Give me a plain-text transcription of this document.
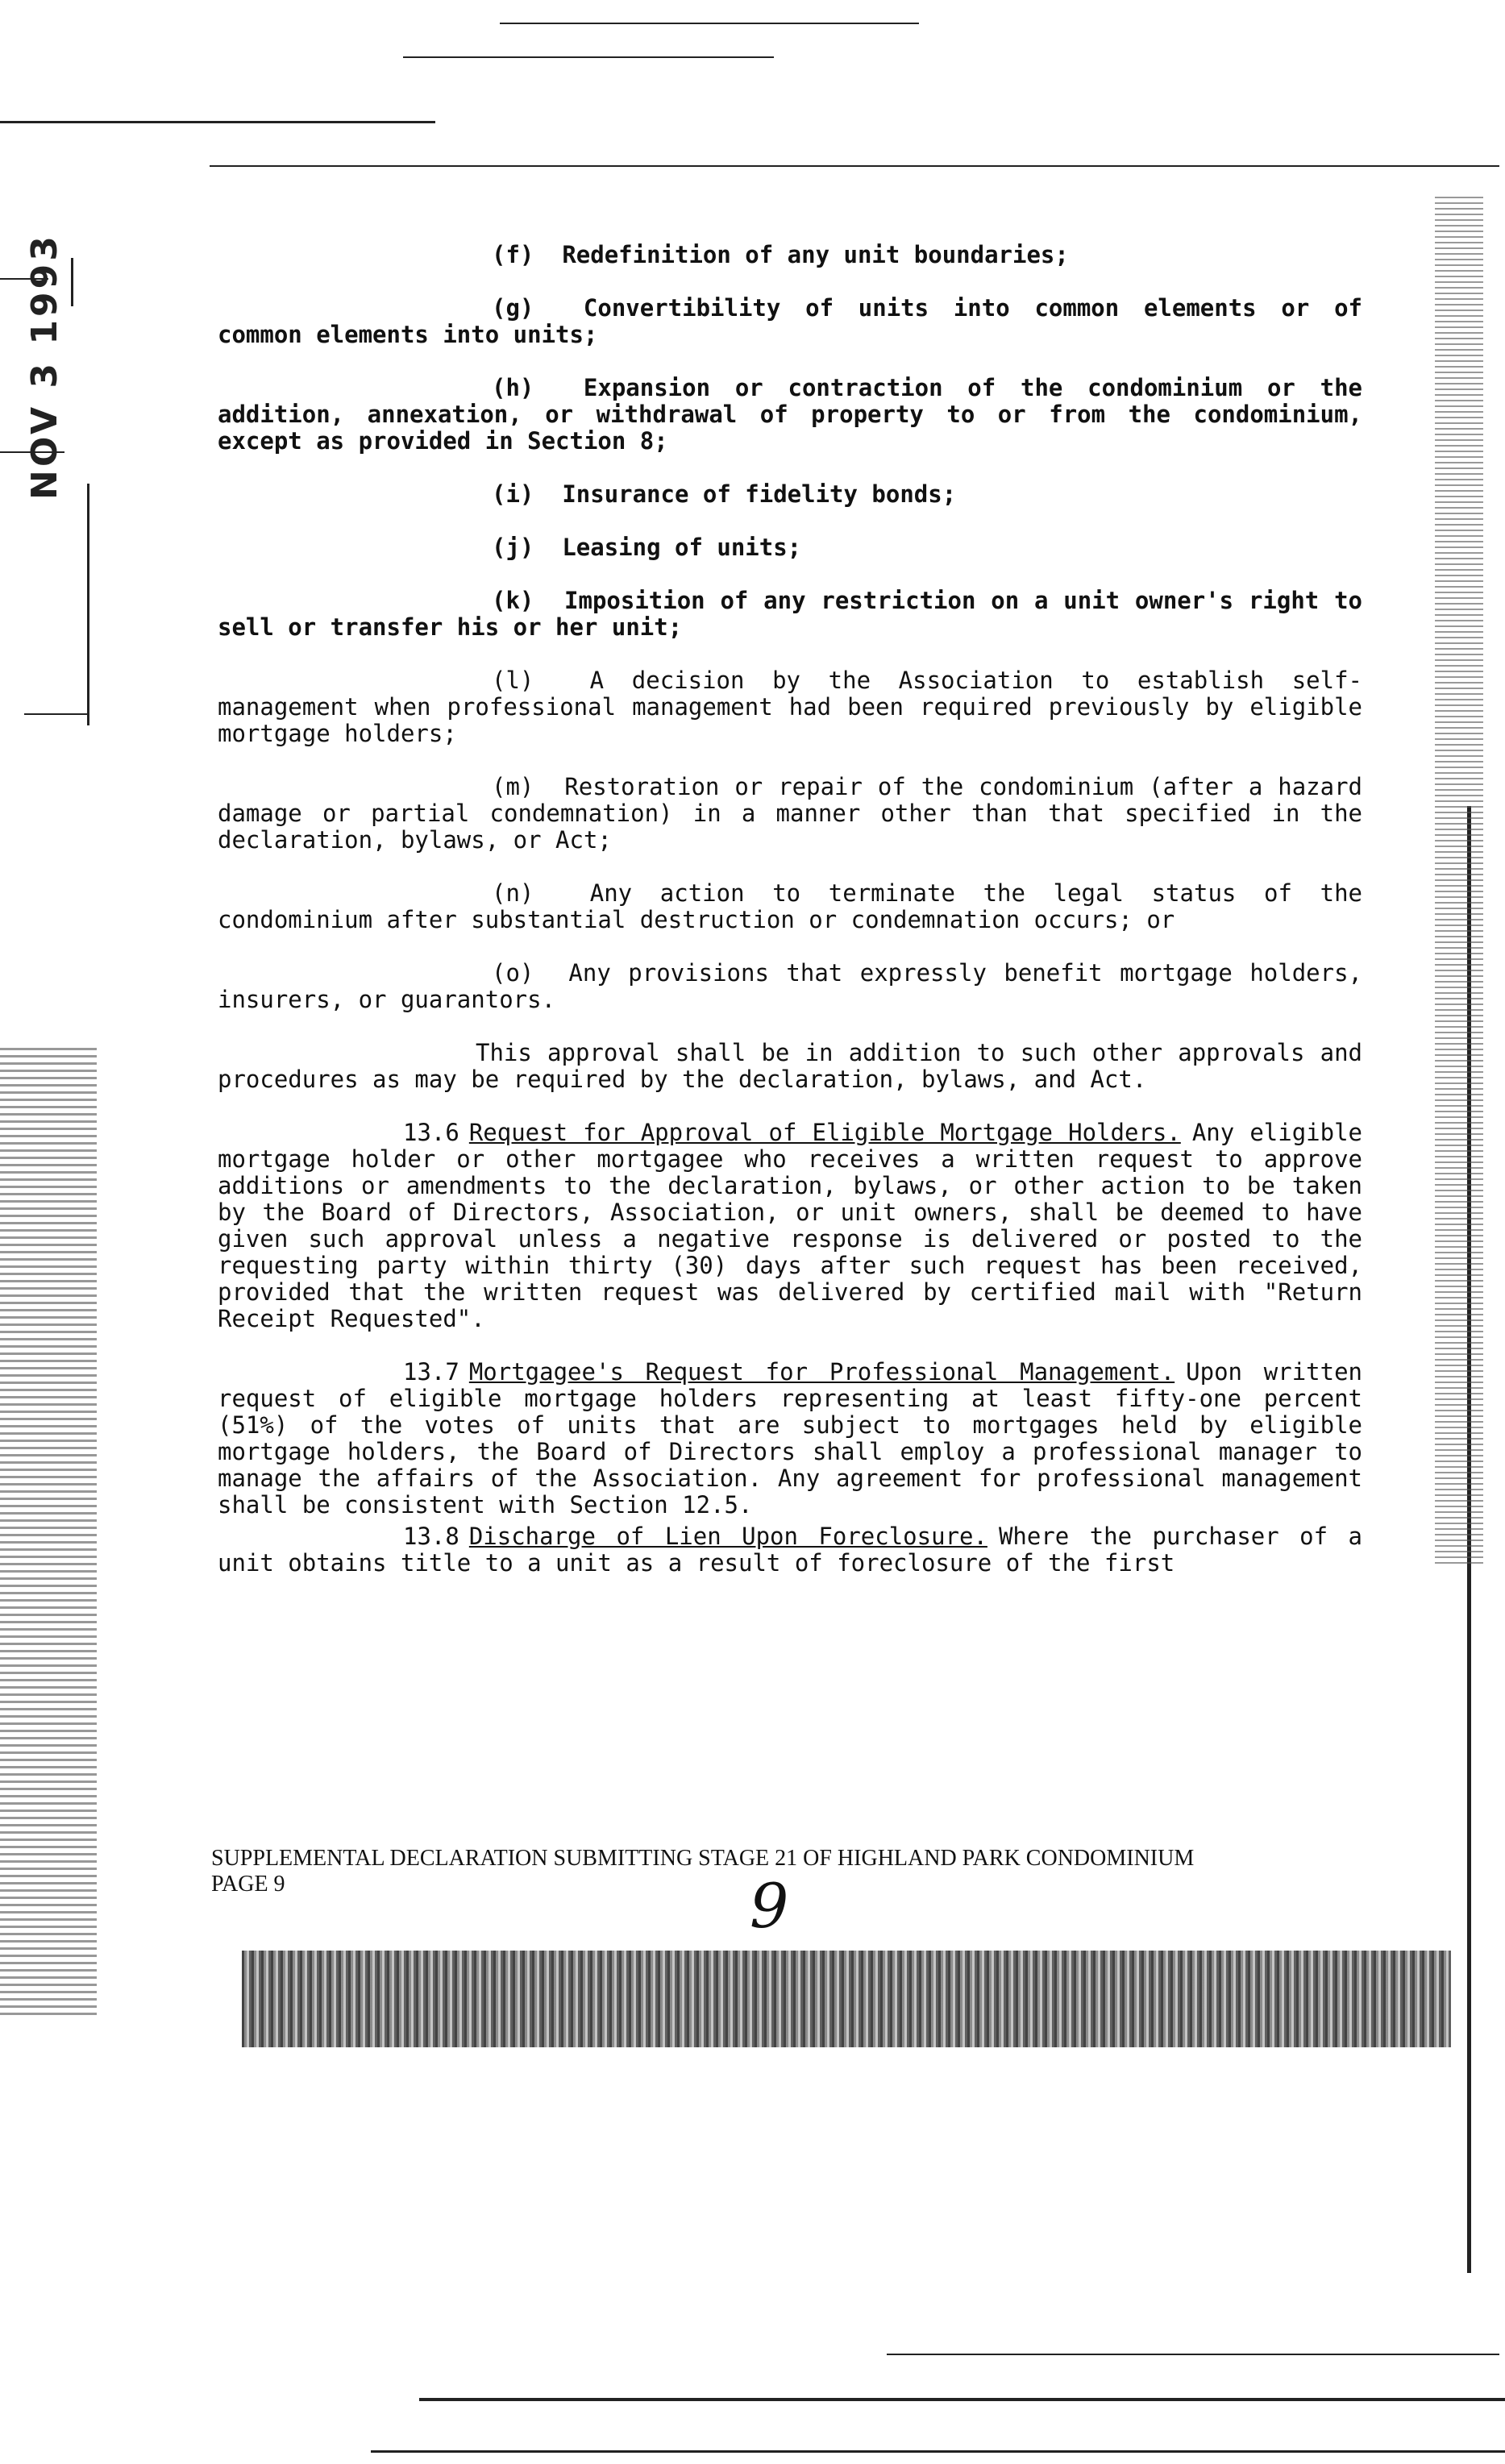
NOV 3 1993	(f) Redefinition of any unit boundaries;
(g) Convertibility of units into common elements or of common elements into units;
(h) Expansion or contraction of the condominium or the addition, annexation, or withdrawal of property to or from the condominium, except as provided in Section 8;
(i) Insurance of fidelity bonds;
(j) Leasing of units;
(k) Imposition of any restriction on a unit owner's right to sell or transfer his or her unit;
(l) A decision by the Association to establish self-management when professional management had been required previously by eligible mortgage holders;
(m) Restoration or repair of the condominium (after a hazard damage or partial condemnation) in a manner other than that specified in the declaration, bylaws, or Act;
(n) Any action to terminate the legal status of the condominium after substantial destruction or condemnation occurs; or
(o) Any provisions that expressly benefit mortgage holders, insurers, or guarantors.
This approval shall be in addition to such other approvals and procedures as may be required by the declaration, bylaws, and Act.
13.6 Request for Approval of Eligible Mortgage Holders. Any eligible mortgage holder or other mortgagee who receives a written request to approve additions or amendments to the declaration, bylaws, or other action to be taken by the Board of Directors, Association, or unit owners, shall be deemed to have given such approval unless a negative response is delivered or posted to the requesting party within thirty (30) days after such request has been received, provided that the written request was delivered by certified mail with "Return Receipt Requested".
13.7 Mortgagee's Request for Professional Management. Upon written request of eligible mortgage holders representing at least fifty-one percent (51%) of the votes of units that are subject to mortgages held by eligible mortgage holders, the Board of Directors shall employ a professional manager to manage the affairs of the Association. Any agreement for professional management shall be consistent with Section 12.5.
13.8 Discharge of Lien Upon Foreclosure. Where the purchaser of a unit obtains title to a unit as a result of foreclosure of the first
SUPPLEMENTAL DECLARATION SUBMITTING STAGE 21 OF HIGHLAND PARK CONDOMINIUM
PAGE 9	9
